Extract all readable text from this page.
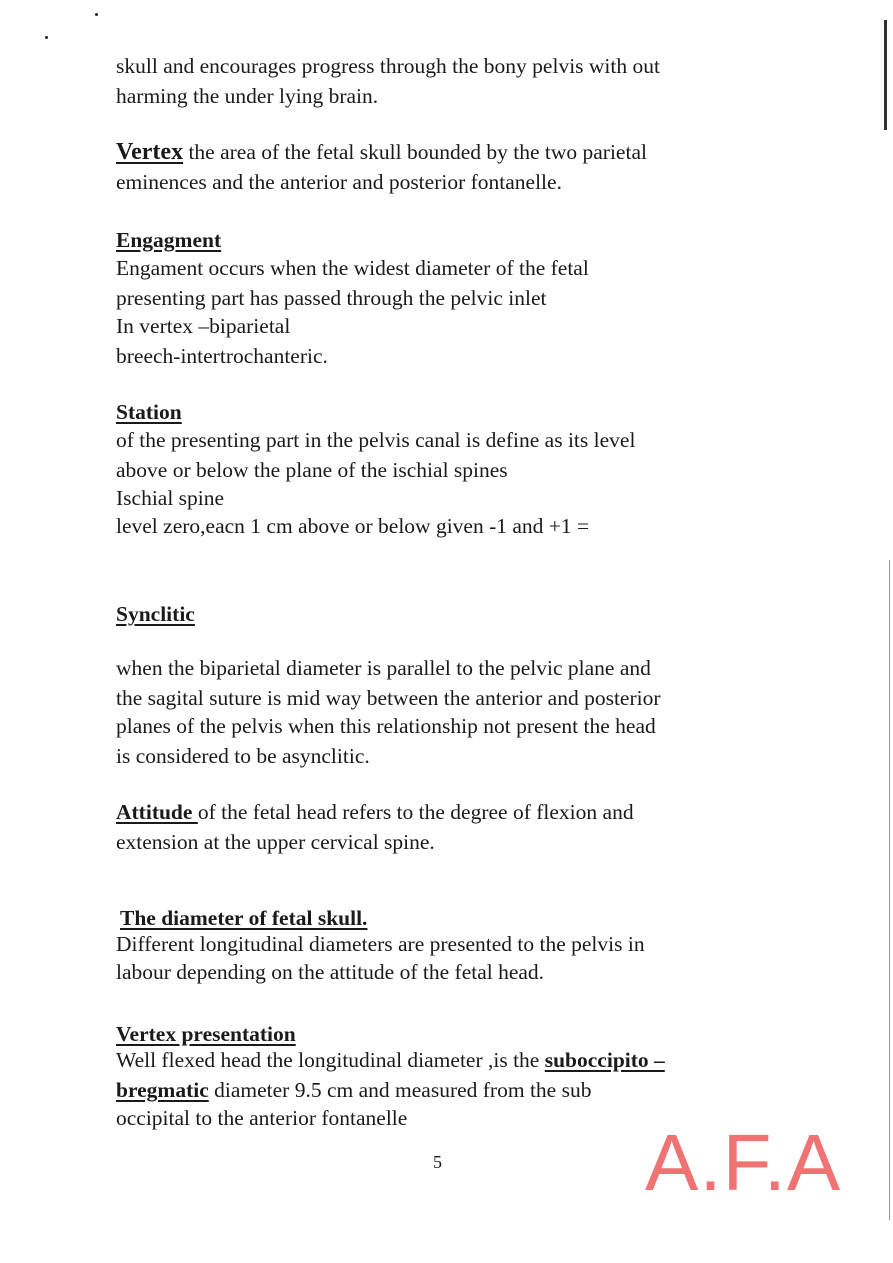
skull and encourages progress through the bony pelvis with out
harming the under lying brain.
Vertex the area of the fetal skull bounded by the two parietal
eminences and the anterior and posterior fontanelle.
Engagment
Engament occurs when the widest diameter of the fetal
presenting part has passed through the pelvic inlet
In vertex –biparietal
breech-intertrochanteric.
Station
of the presenting part in the pelvis canal is define as its level
above or below the plane of the ischial spines
Ischial spine
level zero,eacn 1 cm above or below given -1 and +1 =
Synclitic
when the biparietal diameter is parallel to the pelvic plane and
the sagital suture is mid way between the anterior and posterior
planes of the pelvis when this relationship not present the head
is considered to be asynclitic.
Attitude of the fetal head refers to the degree of flexion and
extension at the upper cervical spine.
The diameter of fetal skull.
Different longitudinal diameters are presented to the pelvis in
labour depending on the attitude of the fetal head.
Vertex presentation
Well flexed head the longitudinal diameter ,is the suboccipito –
bregmatic diameter 9.5 cm and measured from the sub
occipital to the anterior fontanelle
5	A.F.A
